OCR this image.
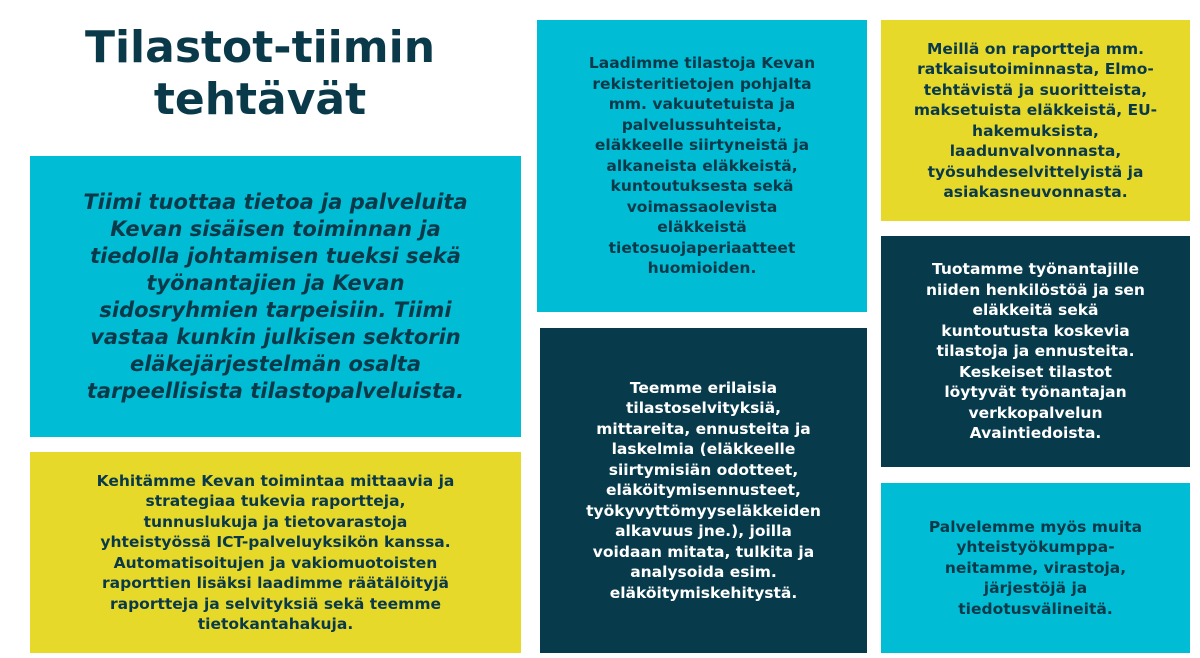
Tilastot-tiimin
tehtävät

Tiimi tuottaa tietoa ja palveluita
Kevan sisäisen toiminnan ja
tiedolla johtamisen tueksi sekä
työnantajien ja Kevan
sidosryhmien tarpeisiin. Tiimi
vastaa kunkin julkisen sektorin
eläkejärjestelmän osalta
tarpeellisista tilastopalveluista.

Kehitämme Kevan toimintaa mittaavia ja
strategiaa tukevia raportteja,
tunnuslukuja ja tietovarastoja
yhteistyössä ICT-palveluyksikön kanssa.
Automatisoitujen ja vakiomuotoisten
raporttien lisäksi laadimme räätälöityjä
raportteja ja selvityksiä sekä teemme
tietokantahakuja.

Laadimme tilastoja Kevan
rekisteritietojen pohjalta
mm. vakuutetuista ja
palvelussuhteista,
eläkkeelle siirtyneistä ja
alkaneista eläkkeistä,
kuntoutuksesta sekä
voimassaolevista
eläkkeistä
tietosuojaperiaatteet
huomioiden.

Teemme erilaisia
tilastoselvityksiä,
mittareita, ennusteita ja
laskelmia (eläkkeelle
siirtymisiän odotteet,
eläköitymisennusteet,
työkyvyttömyyseläkkeiden
alkavuus jne.), joilla
voidaan mitata, tulkita ja
analysoida esim.
eläköitymiskehitystä.

Meillä on raportteja mm.
ratkaisutoiminnasta, Elmo-
tehtävistä ja suoritteista,
maksetuista eläkkeistä, EU-
hakemuksista,
laadunvalvonnasta,
työsuhdeselvittelyistä ja
asiakasneuvonnasta.

Tuotamme työnantajille
niiden henkilöstöä ja sen
eläkkeitä sekä
kuntoutusta koskevia
tilastoja ja ennusteita.
Keskeiset tilastot
löytyvät työnantajan
verkkopalvelun
Avaintiedoista.

Palvelemme myös muita
yhteistyökumppa-
neitamme, virastoja,
järjestöjä ja
tiedotusvälineitä.
